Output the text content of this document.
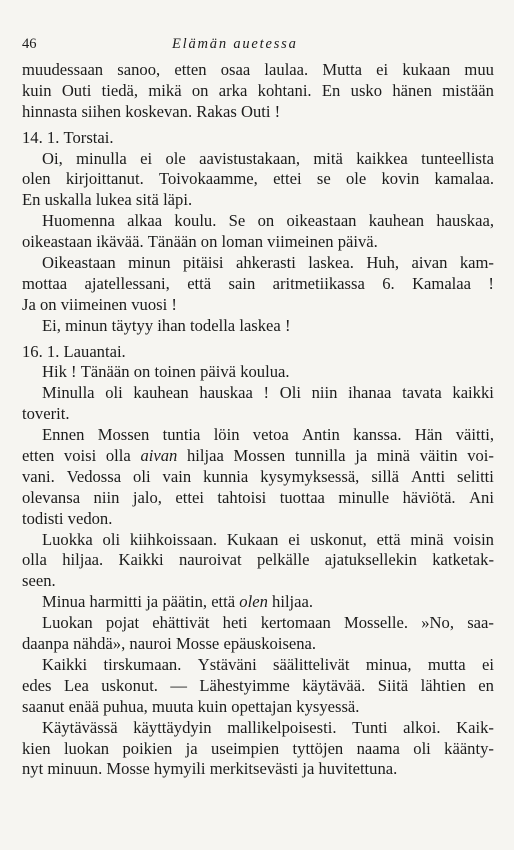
46	Elämän auetessa
muudessaan sanoo, etten osaa laulaa. Mutta ei kukaan muu
kuin Outi tiedä, mikä on arka kohtani. En usko hänen mistään
hinnasta
siihen
koskevan.
Rakas
Outi
!
14.
1.
Torstai.
Oi, minulla ei ole aavistustakaan, mitä kaikkea tunteellista
olen kirjoittanut. Toivokaamme, ettei se ole kovin kamalaa.
En
uskalla
lukea
sitä
läpi.
Huomenna alkaa koulu. Se on oikeastaan kauhean hauskaa,
oikeastaan
ikävää.
Tänään
on
loman
viimeinen
päivä.
Oikeastaan minun pitäisi ahkerasti laskea. Huh, aivan kam-
mottaa ajatellessani, että sain aritmetiikassa 6. Kamalaa !
Ja
on
viimeinen
vuosi
!
Ei,
minun
täytyy
ihan
todella
laskea
!
16.
1.
Lauantai.
Hik
!
Tänään
on
toinen
päivä
koulua.
Minulla oli kauhean hauskaa ! Oli niin ihanaa tavata kaikki
toverit.
Ennen Mossen tuntia löin vetoa Antin kanssa. Hän väitti,
etten voisi olla aivan hiljaa Mossen tunnilla ja minä väitin voi-
vani. Vedossa oli vain kunnia kysymyksessä, sillä Antti selitti
olevansa niin jalo, ettei tahtoisi tuottaa minulle häviötä. Ani
todisti
vedon.
Luokka oli kiihkoissaan. Kukaan ei uskonut, että minä voisin
olla hiljaa. Kaikki nauroivat pelkälle ajatuksellekin katketak-
seen.
Minua
harmitti
ja
päätin,
että
olen
hiljaa.
Luokan pojat ehättivät heti kertomaan Mosselle. »No, saa-
daanpa
nähdä»,
nauroi
Mosse
epäuskoisena.
Kaikki tirskumaan. Ystäväni säälittelivät minua, mutta ei
edes Lea uskonut. — Lähestyimme käytävää. Siitä lähtien en
saanut
enää
puhua,
muuta
kuin
opettajan
kysyessä.
Käytävässä käyttäydyin mallikelpoisesti. Tunti alkoi. Kaik-
kien luokan poikien ja useimpien tyttöjen naama oli käänty-
nyt
minuun.
Mosse
hymyili
merkitsevästi
ja
huvitettuna.
